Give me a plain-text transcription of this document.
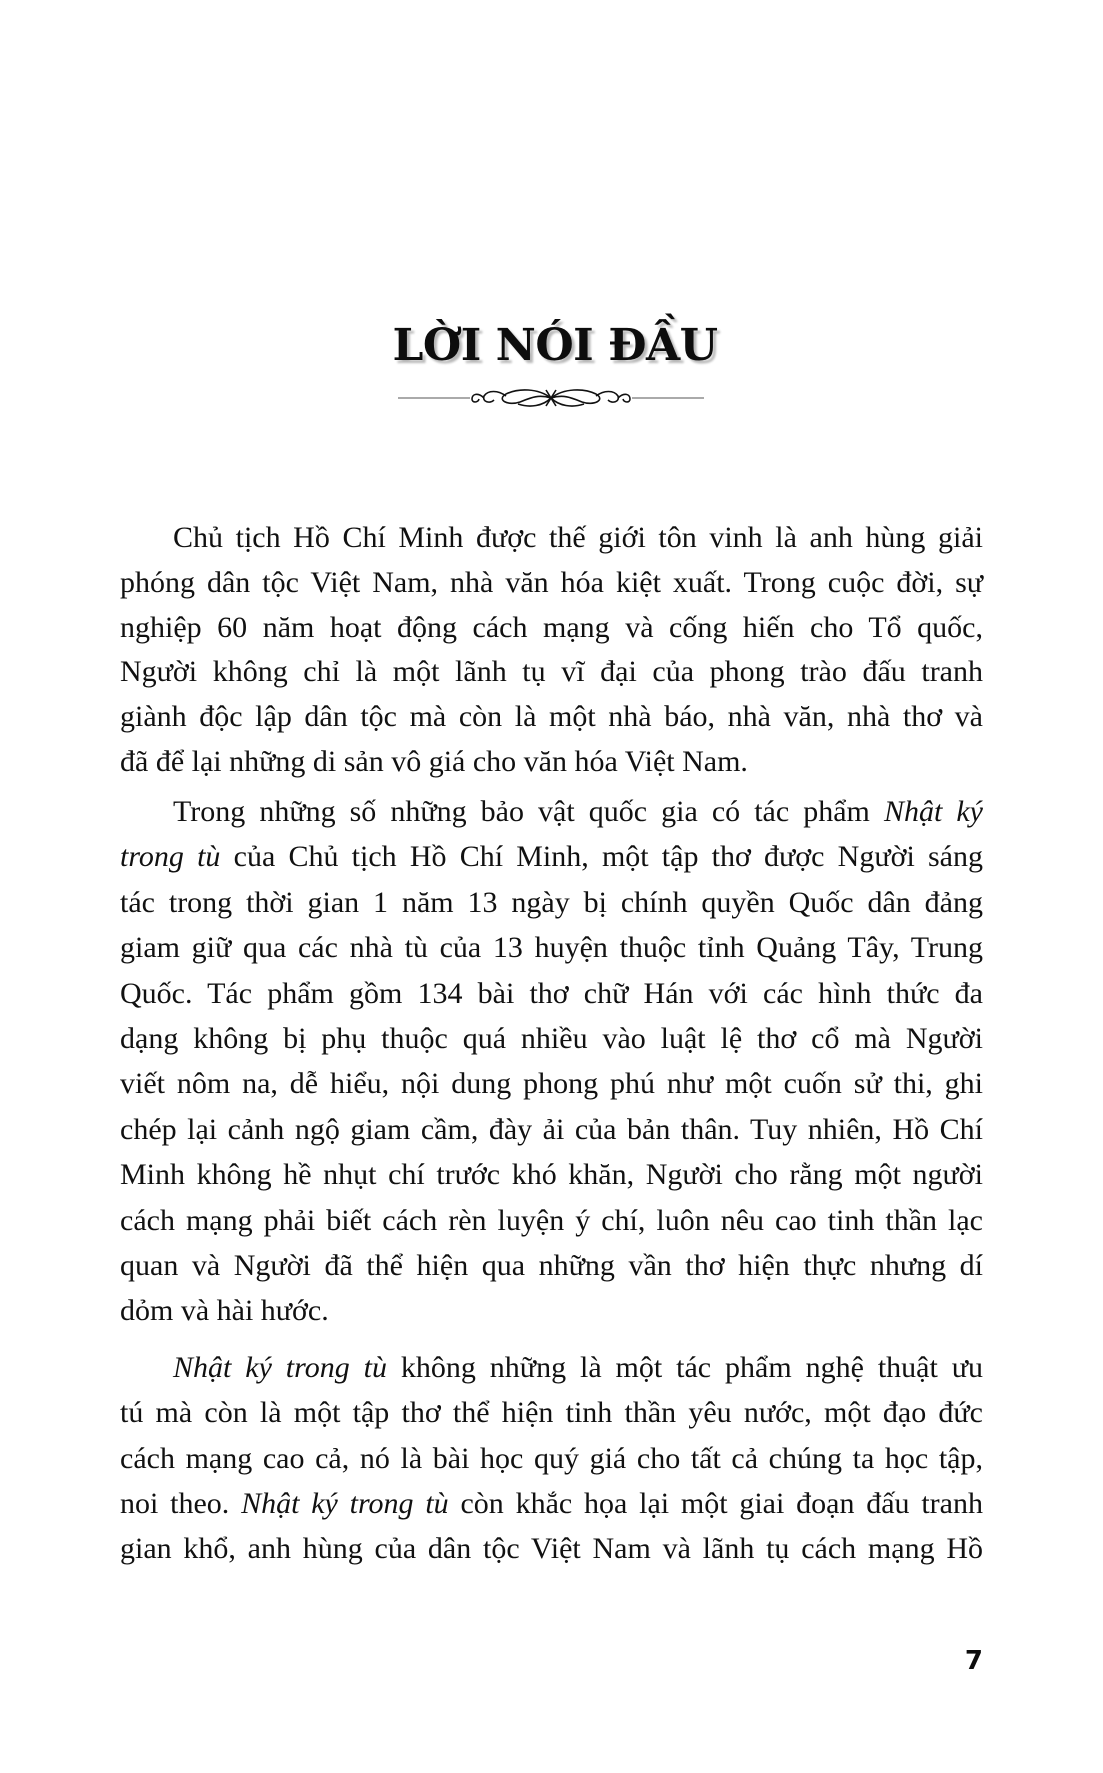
LỜI NÓI ĐẦU
Chủ tịch Hồ Chí Minh được thế giới tôn vinh là anh hùng giải
phóng dân tộc Việt Nam, nhà văn hóa kiệt xuất. Trong cuộc đời, sự
nghiệp 60 năm hoạt động cách mạng và cống hiến cho Tổ quốc,
Người không chỉ là một lãnh tụ vĩ đại của phong trào đấu tranh
giành độc lập dân tộc mà còn là một nhà báo, nhà văn, nhà thơ và
đã để lại những di sản vô giá cho văn hóa Việt Nam.
Trong những số những bảo vật quốc gia có tác phẩm Nhật ký
trong tù của Chủ tịch Hồ Chí Minh, một tập thơ được Người sáng
tác trong thời gian 1 năm 13 ngày bị chính quyền Quốc dân đảng
giam giữ qua các nhà tù của 13 huyện thuộc tỉnh Quảng Tây, Trung
Quốc. Tác phẩm gồm 134 bài thơ chữ Hán với các hình thức đa
dạng không bị phụ thuộc quá nhiều vào luật lệ thơ cổ mà Người
viết nôm na, dễ hiểu, nội dung phong phú như một cuốn sử thi, ghi
chép lại cảnh ngộ giam cầm, đày ải của bản thân. Tuy nhiên, Hồ Chí
Minh không hề nhụt chí trước khó khăn, Người cho rằng một người
cách mạng phải biết cách rèn luyện ý chí, luôn nêu cao tinh thần lạc
quan và Người đã thể hiện qua những vần thơ hiện thực nhưng dí
dỏm và hài hước.
Nhật ký trong tù không những là một tác phẩm nghệ thuật ưu
tú mà còn là một tập thơ thể hiện tinh thần yêu nước, một đạo đức
cách mạng cao cả, nó là bài học quý giá cho tất cả chúng ta học tập,
noi theo. Nhật ký trong tù còn khắc họa lại một giai đoạn đấu tranh
gian khổ, anh hùng của dân tộc Việt Nam và lãnh tụ cách mạng Hồ
7
